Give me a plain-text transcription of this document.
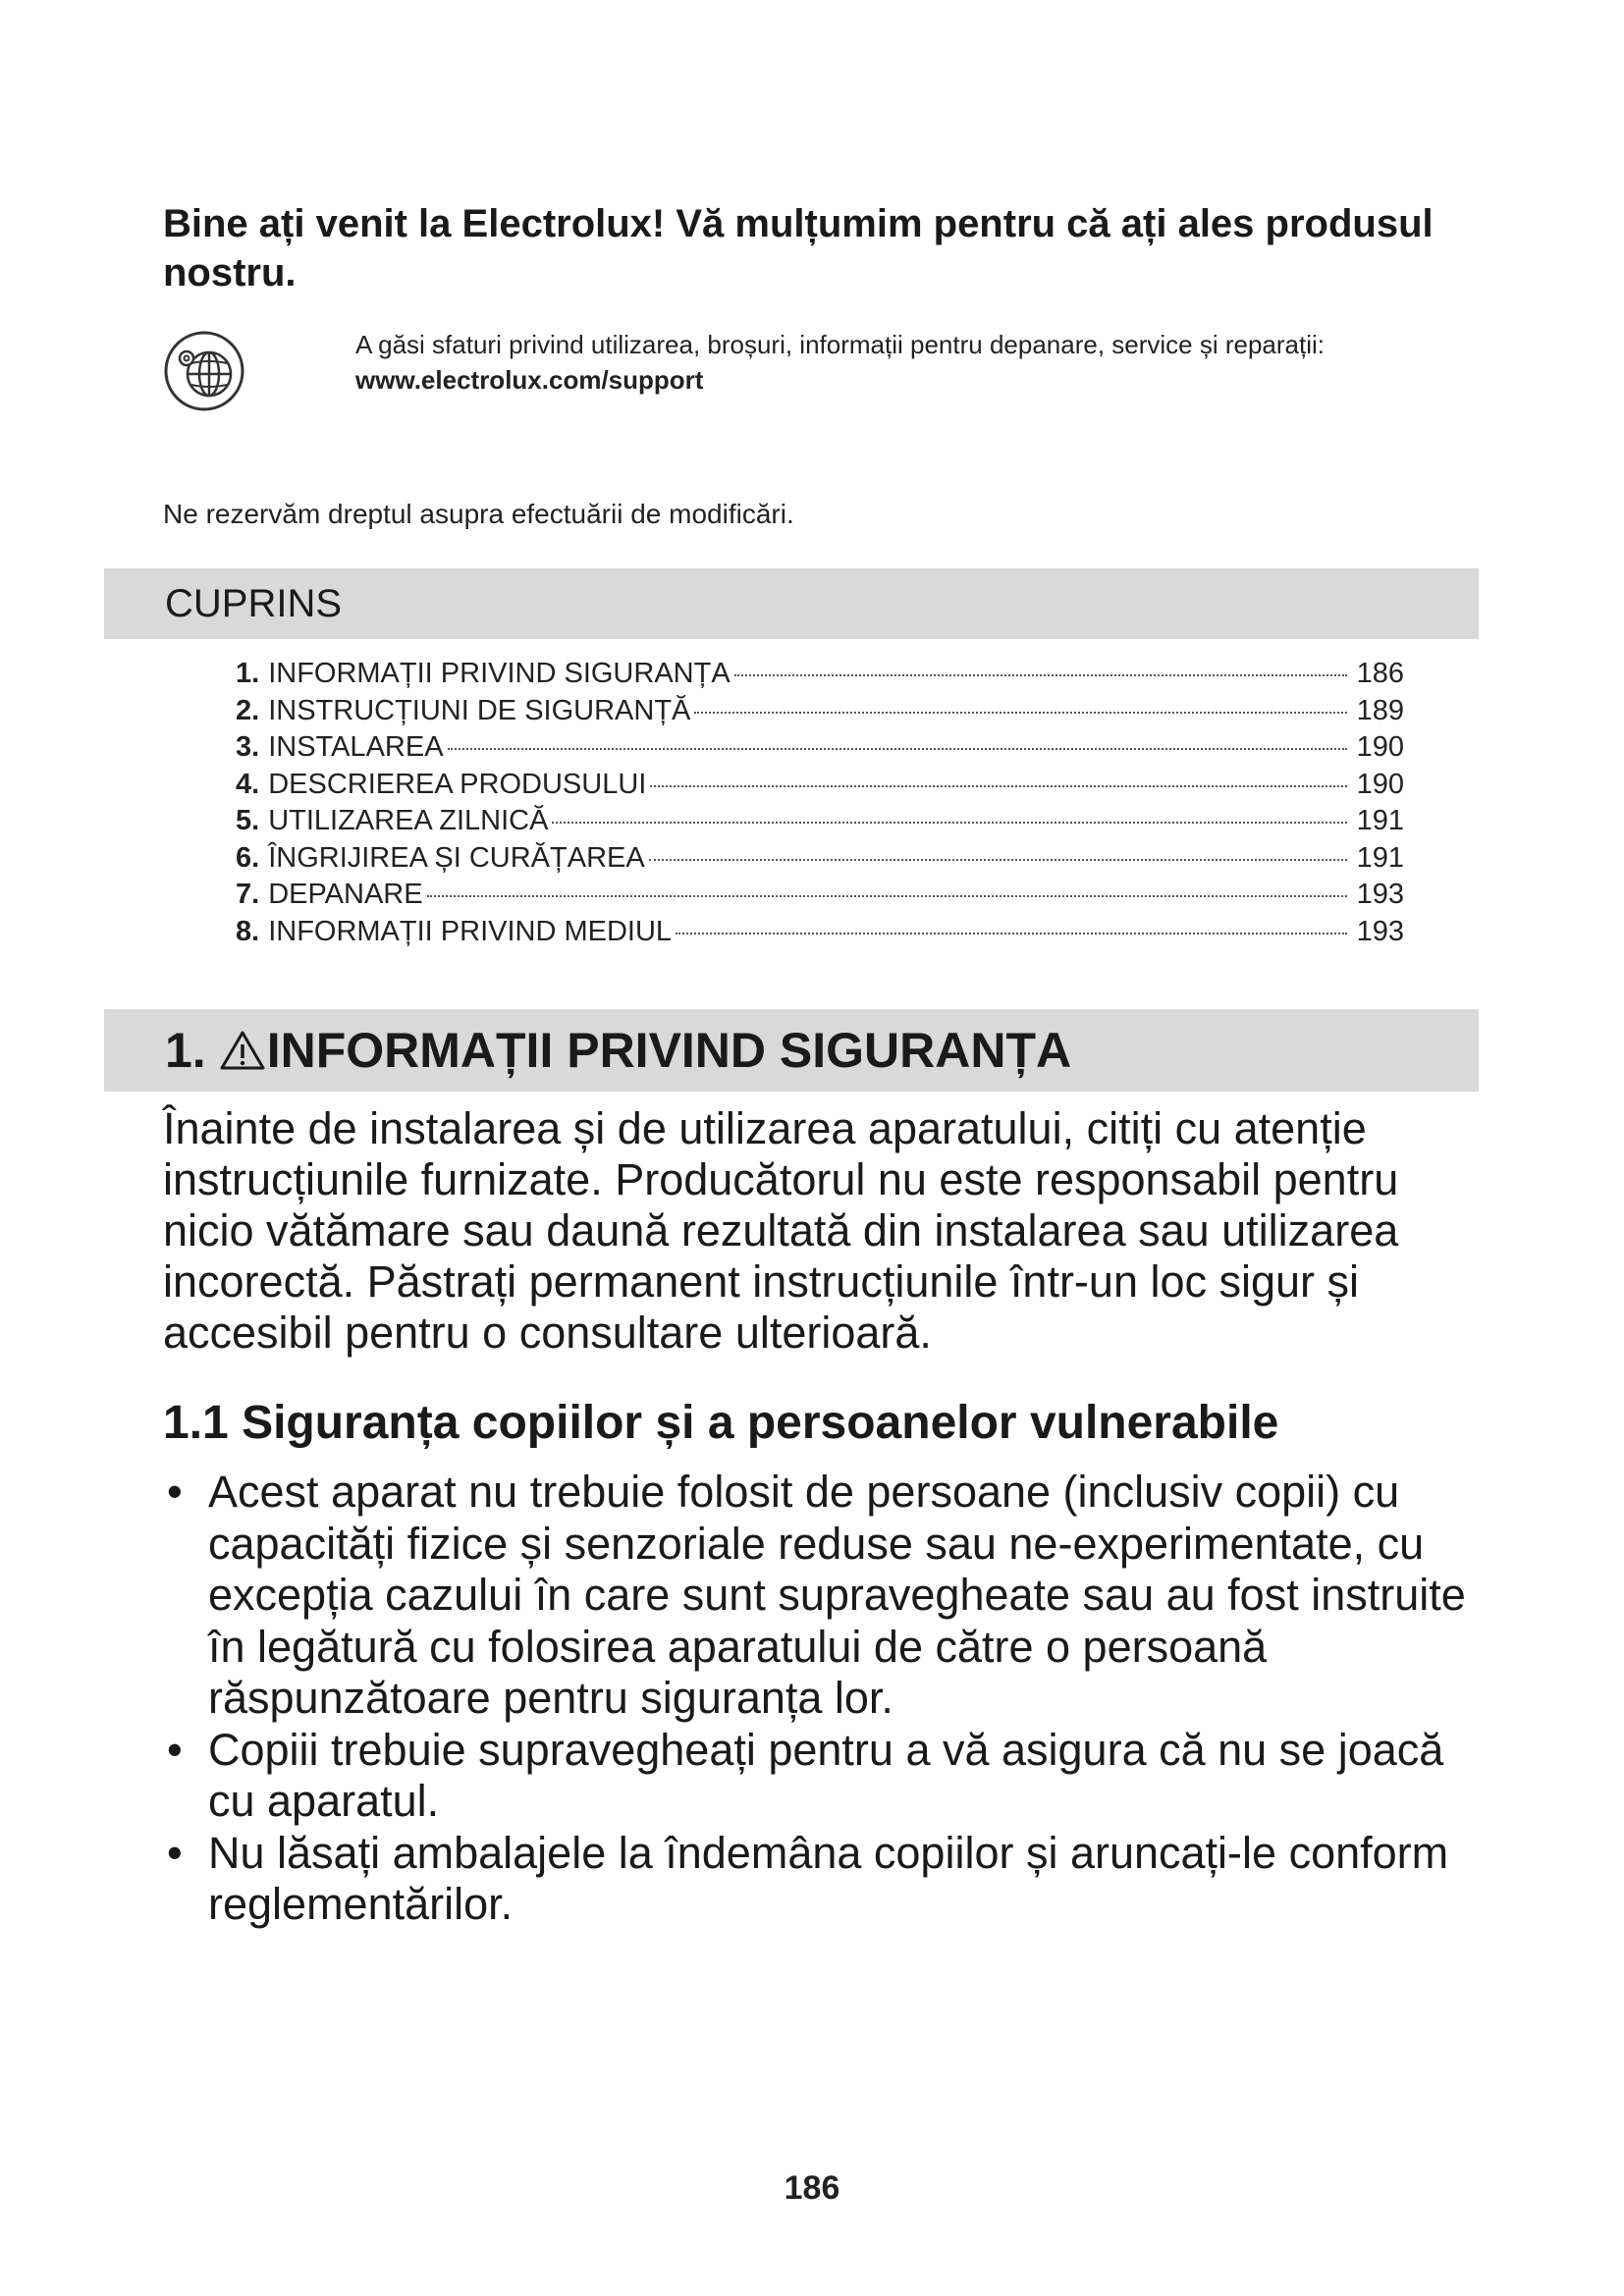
Bine ați venit la Electrolux! Vă mulțumim pentru că ați ales produsul nostru.
A găsi sfaturi privind utilizarea, broșuri, informații pentru depanare, service și reparații:
www.electrolux.com/support
Ne rezervăm dreptul asupra efectuării de modificări.
CUPRINS
1. INFORMAȚII PRIVIND SIGURANȚA	186
2. INSTRUCȚIUNI DE SIGURANȚĂ	189
3. INSTALAREA	190
4. DESCRIEREA PRODUSULUI	190
5. UTILIZAREA ZILNICĂ	191
6. ÎNGRIJIREA ȘI CURĂȚAREA	191
7. DEPANARE	193
8. INFORMAȚII PRIVIND MEDIUL	193
1. INFORMAȚII PRIVIND SIGURANȚA

Înainte de instalarea și de utilizarea aparatului, citiți cu atenție instrucțiunile furnizate. Producătorul nu este responsabil pentru nicio vătămare sau daună rezultată din instalarea sau utilizarea incorectă. Păstrați permanent instrucțiunile într-un loc sigur și accesibil pentru o consultare ulterioară.

1.1 Siguranța copiilor și a persoanelor vulnerabile
• Acest aparat nu trebuie folosit de persoane (inclusiv copii) cu capacități fizice și senzoriale reduse sau ne-experimentate, cu excepția cazului în care sunt supravegheate sau au fost instruite în legătură cu folosirea aparatului de către o persoană răspunzătoare pentru siguranța lor.
• Copiii trebuie supravegheați pentru a vă asigura că nu se joacă cu aparatul.
• Nu lăsați ambalajele la îndemâna copiilor și aruncați-le conform reglementărilor.
186
